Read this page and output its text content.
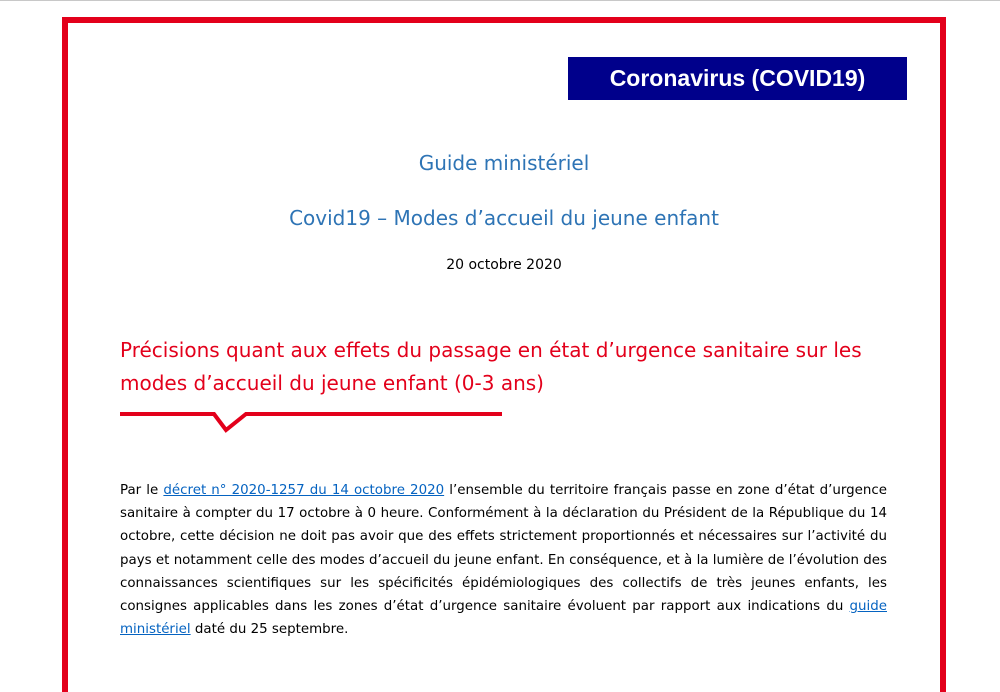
Coronavirus (COVID19)
Guide ministériel
Covid19 – Modes d’accueil du jeune enfant
20 octobre 2020
Précisions quant aux effets du passage en état d’urgence sanitaire sur les modes d’accueil du jeune enfant (0-3 ans)

Par le décret n° 2020-1257 du 14 octobre 2020 l’ensemble du territoire français passe en zone d’état d’urgence sanitaire à compter du 17 octobre à 0 heure. Conformément à la déclaration du Président de la République du 14 octobre, cette décision ne doit pas avoir que des effets strictement proportionnés et nécessaires sur l’activité du pays et notamment celle des modes d’accueil du jeune enfant. En conséquence, et à la lumière de l’évolution des connaissances scientifiques sur les spécificités épidémiologiques des collectifs de très jeunes enfants, les consignes applicables dans les zones d’état d’urgence sanitaire évoluent par rapport aux indications du guide ministériel daté du 25 septembre.
